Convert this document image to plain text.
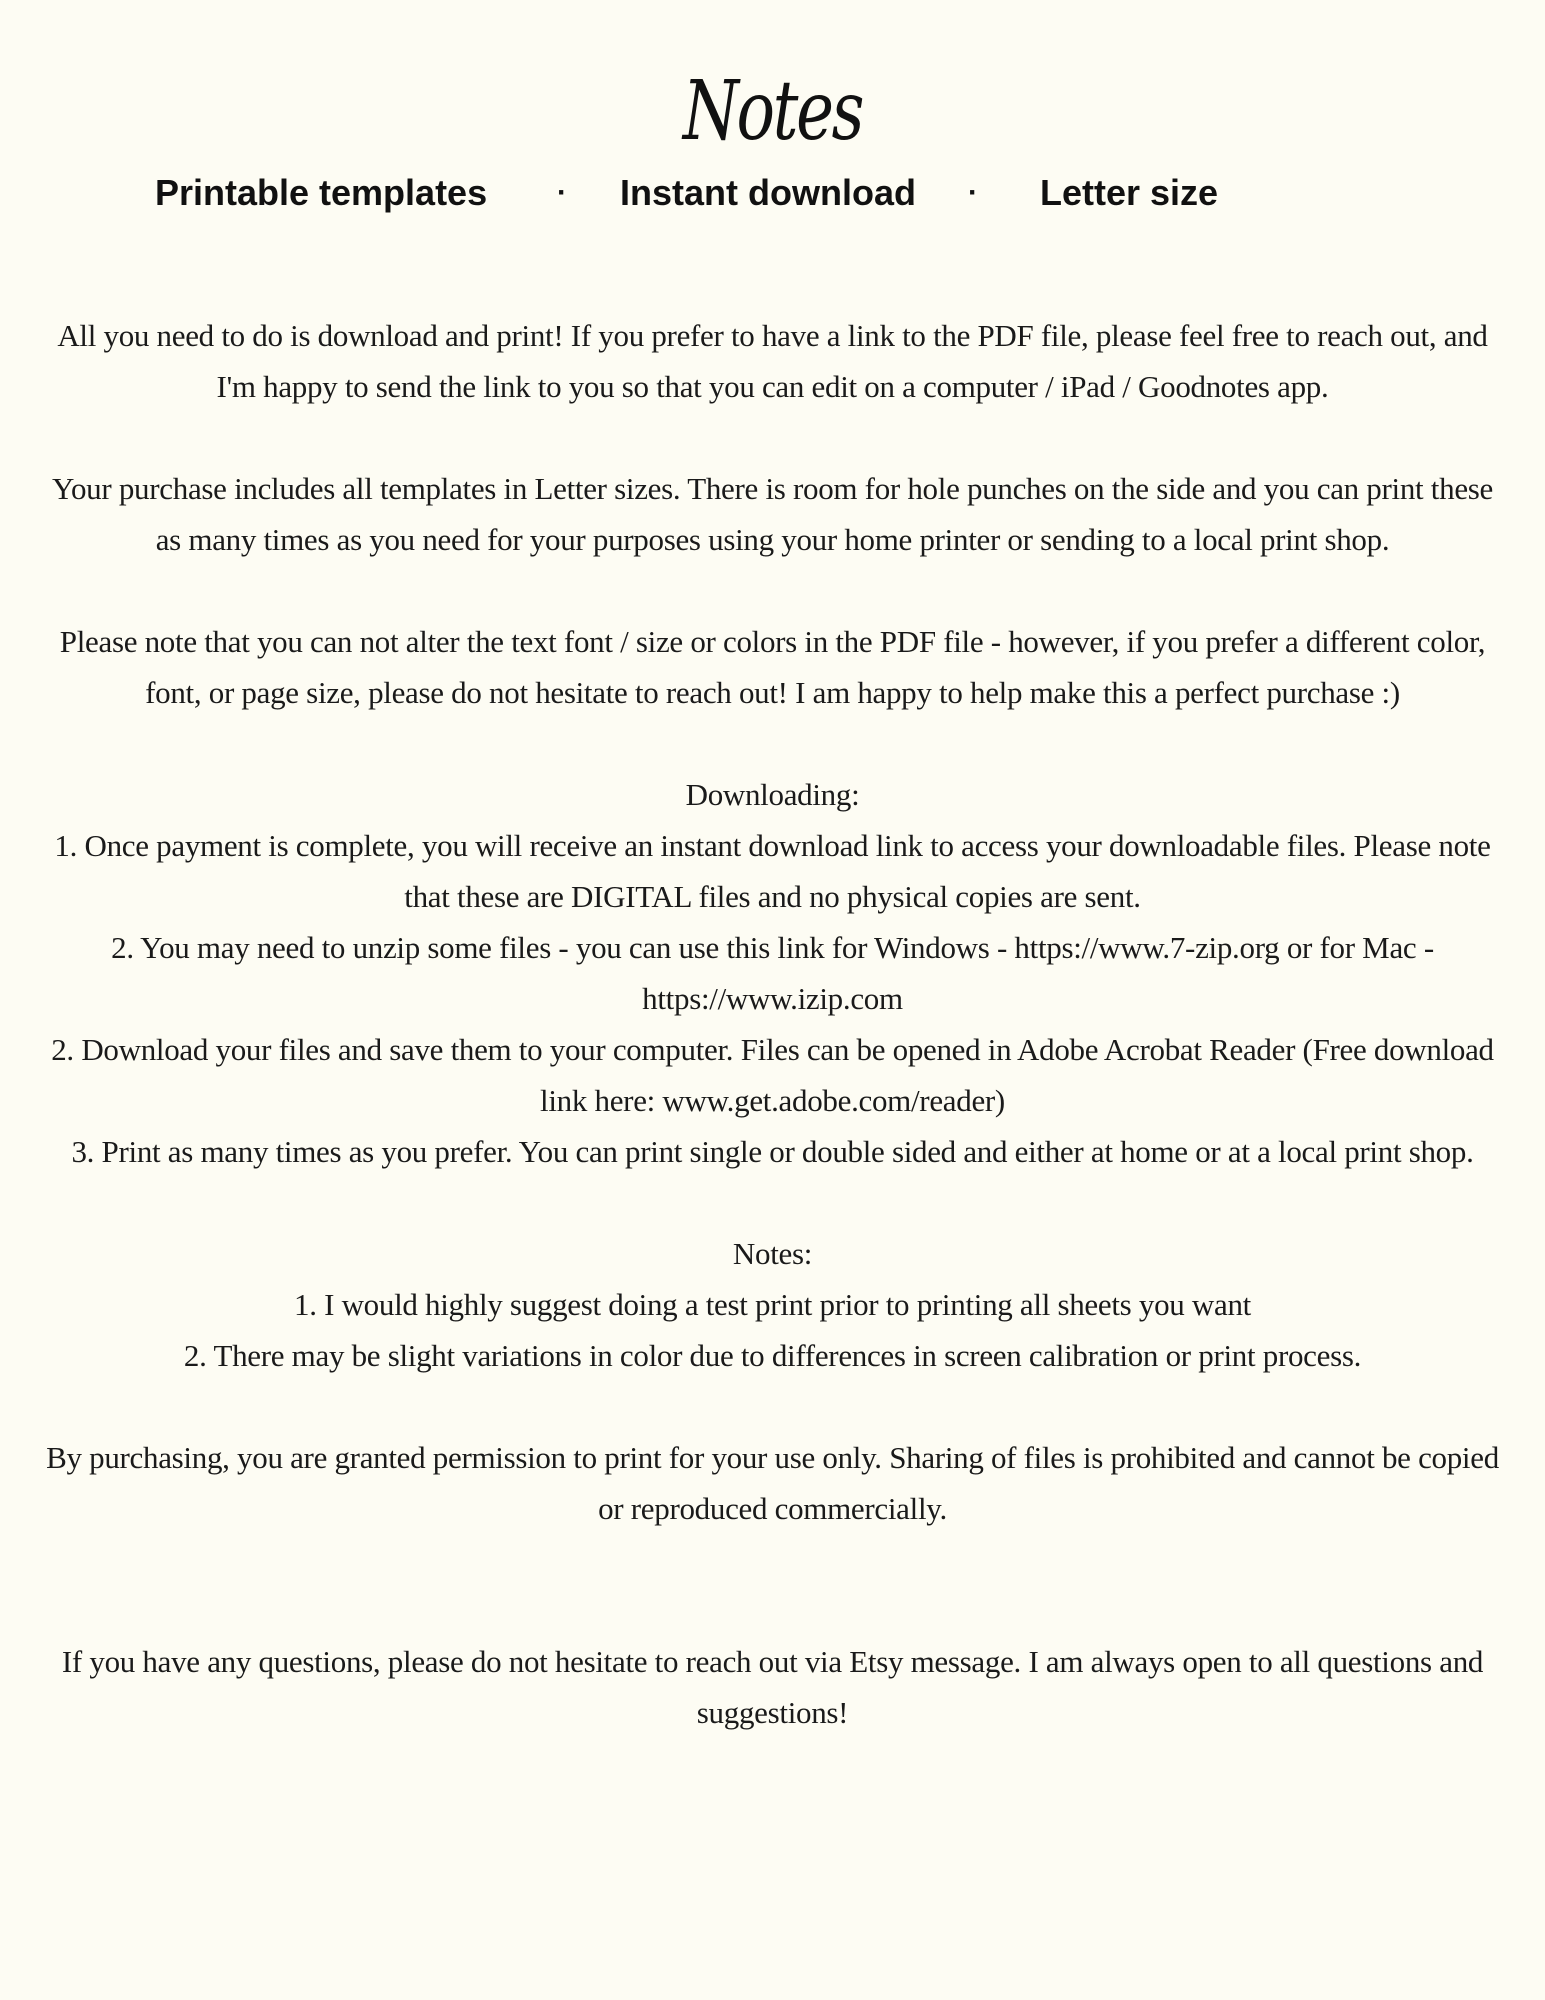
Notes
Printable templates · Instant download · Letter size

All you need to do is download and print! If you prefer to have a link to the PDF file, please feel free to reach out, and I'm happy to send the link to you so that you can edit on a computer / iPad / Goodnotes app.

Your purchase includes all templates in Letter sizes. There is room for hole punches on the side and you can print these as many times as you need for your purposes using your home printer or sending to a local print shop.

Please note that you can not alter the text font / size or colors in the PDF file - however, if you prefer a different color, font, or page size, please do not hesitate to reach out! I am happy to help make this a perfect purchase :)

Downloading:

1. Once payment is complete, you will receive an instant download link to access your downloadable files. Please note that these are DIGITAL files and no physical copies are sent.

2. You may need to unzip some files - you can use this link for Windows - https://www.7-zip.org or for Mac - https://www.izip.com

2. Download your files and save them to your computer. Files can be opened in Adobe Acrobat Reader (Free download link here: www.get.adobe.com/reader)

3. Print as many times as you prefer. You can print single or double sided and either at home or at a local print shop.

Notes:

1. I would highly suggest doing a test print prior to printing all sheets you want

2. There may be slight variations in color due to differences in screen calibration or print process.

By purchasing, you are granted permission to print for your use only. Sharing of files is prohibited and cannot be copied or reproduced commercially.

If you have any questions, please do not hesitate to reach out via Etsy message. I am always open to all questions and suggestions!
